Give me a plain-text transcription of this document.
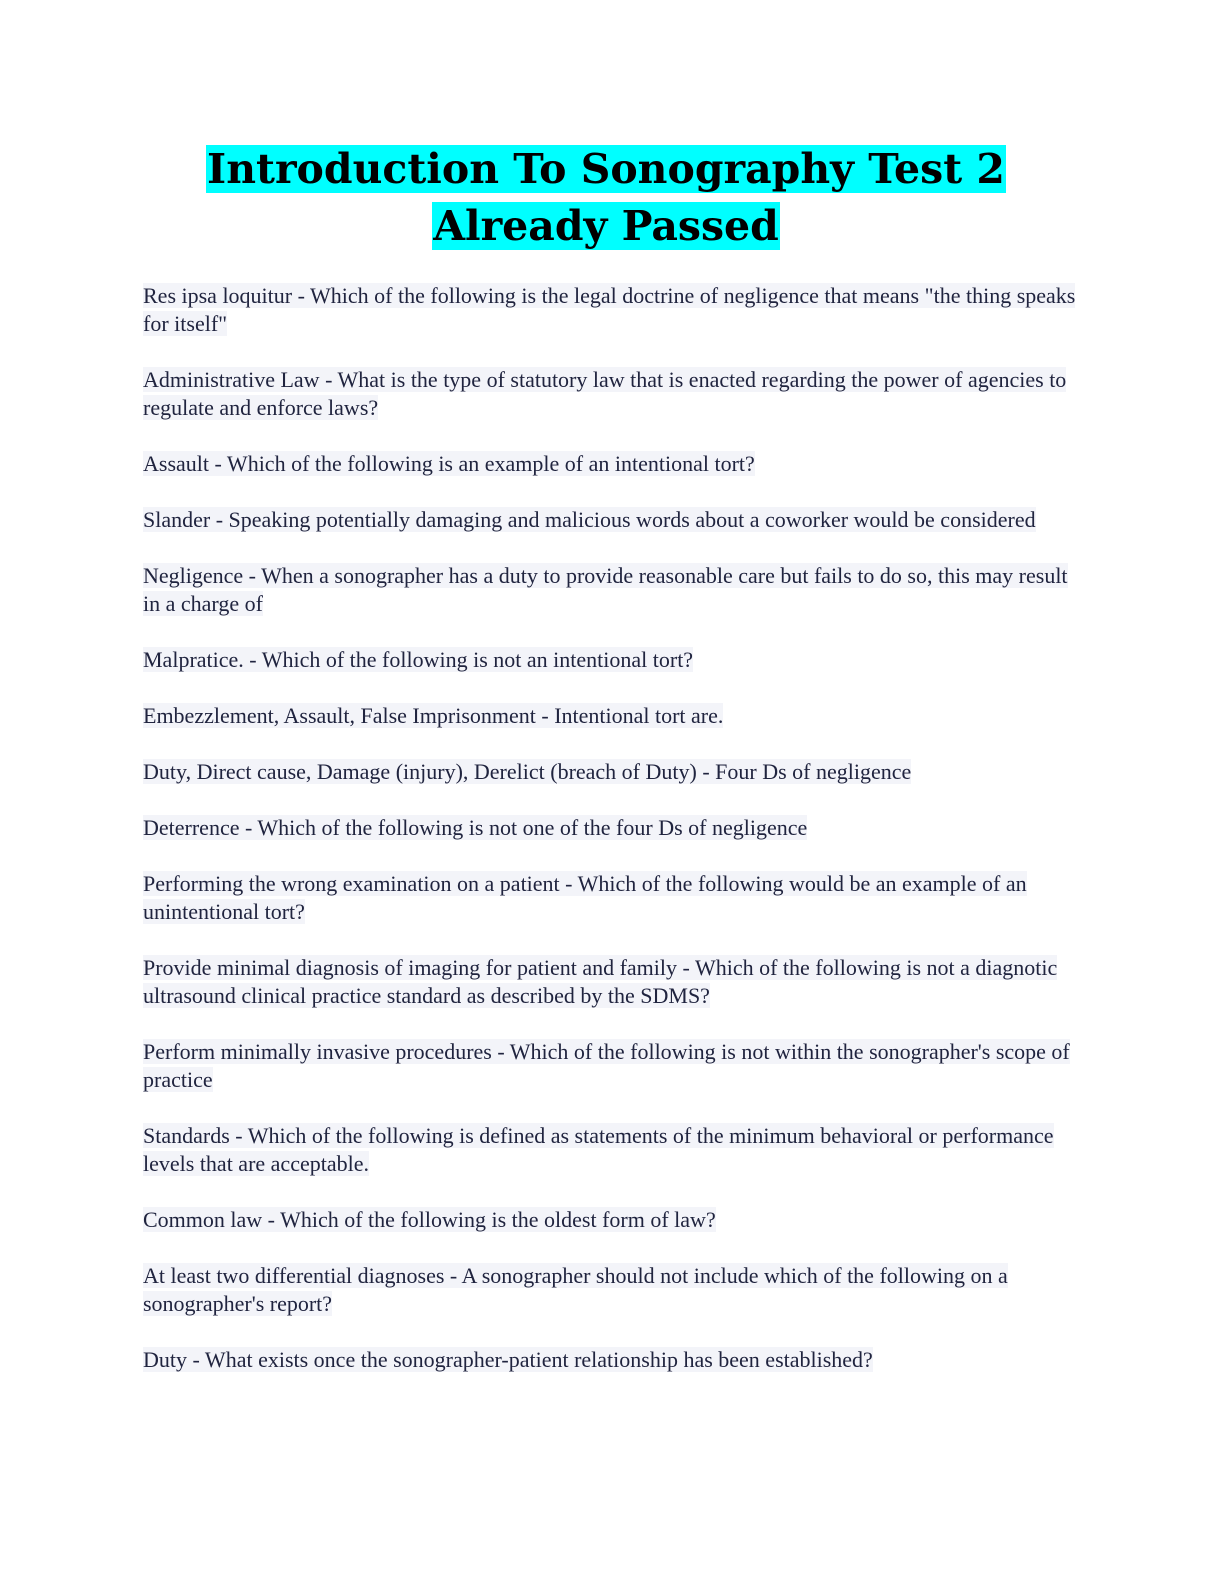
Introduction To Sonography Test 2
Already Passed
Res ipsa loquitur - Which of the following is the legal doctrine of negligence that means "the thing speaks for itself"
Administrative Law - What is the type of statutory law that is enacted regarding the power of agencies to regulate and enforce laws?
Assault - Which of the following is an example of an intentional tort?
Slander - Speaking potentially damaging and malicious words about a coworker would be considered
Negligence - When a sonographer has a duty to provide reasonable care but fails to do so, this may result in a charge of
Malpratice. - Which of the following is not an intentional tort?
Embezzlement, Assault, False Imprisonment - Intentional tort are.
Duty, Direct cause, Damage (injury), Derelict (breach of Duty) - Four Ds of negligence
Deterrence - Which of the following is not one of the four Ds of negligence
Performing the wrong examination on a patient - Which of the following would be an example of an unintentional tort?
Provide minimal diagnosis of imaging for patient and family - Which of the following is not a diagnotic ultrasound clinical practice standard as described by the SDMS?
Perform minimally invasive procedures - Which of the following is not within the sonographer's scope of practice
Standards - Which of the following is defined as statements of the minimum behavioral or performance levels that are acceptable.
Common law - Which of the following is the oldest form of law?
At least two differential diagnoses - A sonographer should not include which of the following on a sonographer's report?
Duty - What exists once the sonographer-patient relationship has been established?
